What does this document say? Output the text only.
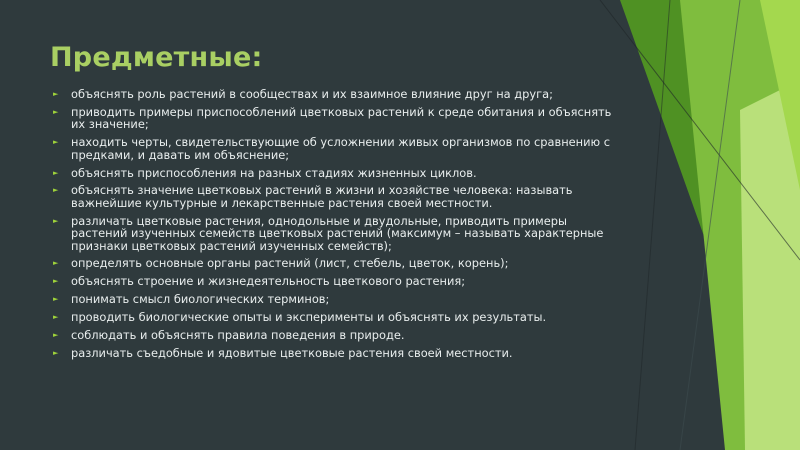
Предметные:
► объяснять роль растений в сообществах и их взаимное влияние друг на друга;
► приводить примеры приспособлений цветковых растений к среде обитания и объяснять их значение;
► находить черты, свидетельствующие об усложнении живых организмов по сравнению с предками, и давать им объяснение;
► объяснять приспособления на разных стадиях жизненных циклов.
► объяснять значение цветковых растений в жизни и хозяйстве человека: называть важнейшие культурные и лекарственные растения своей местности.
► различать цветковые растения, однодольные и двудольные, приводить примеры растений изученных семейств цветковых растений (максимум – называть характерные признаки цветковых растений изученных семейств);
► определять основные органы растений (лист, стебель, цветок, корень);
► объяснять строение и жизнедеятельность цветкового растения;
► понимать смысл биологических терминов;
► проводить биологические опыты и эксперименты и объяснять их результаты.
► соблюдать и объяснять правила поведения в природе.
► различать съедобные и ядовитые цветковые растения своей местности.
